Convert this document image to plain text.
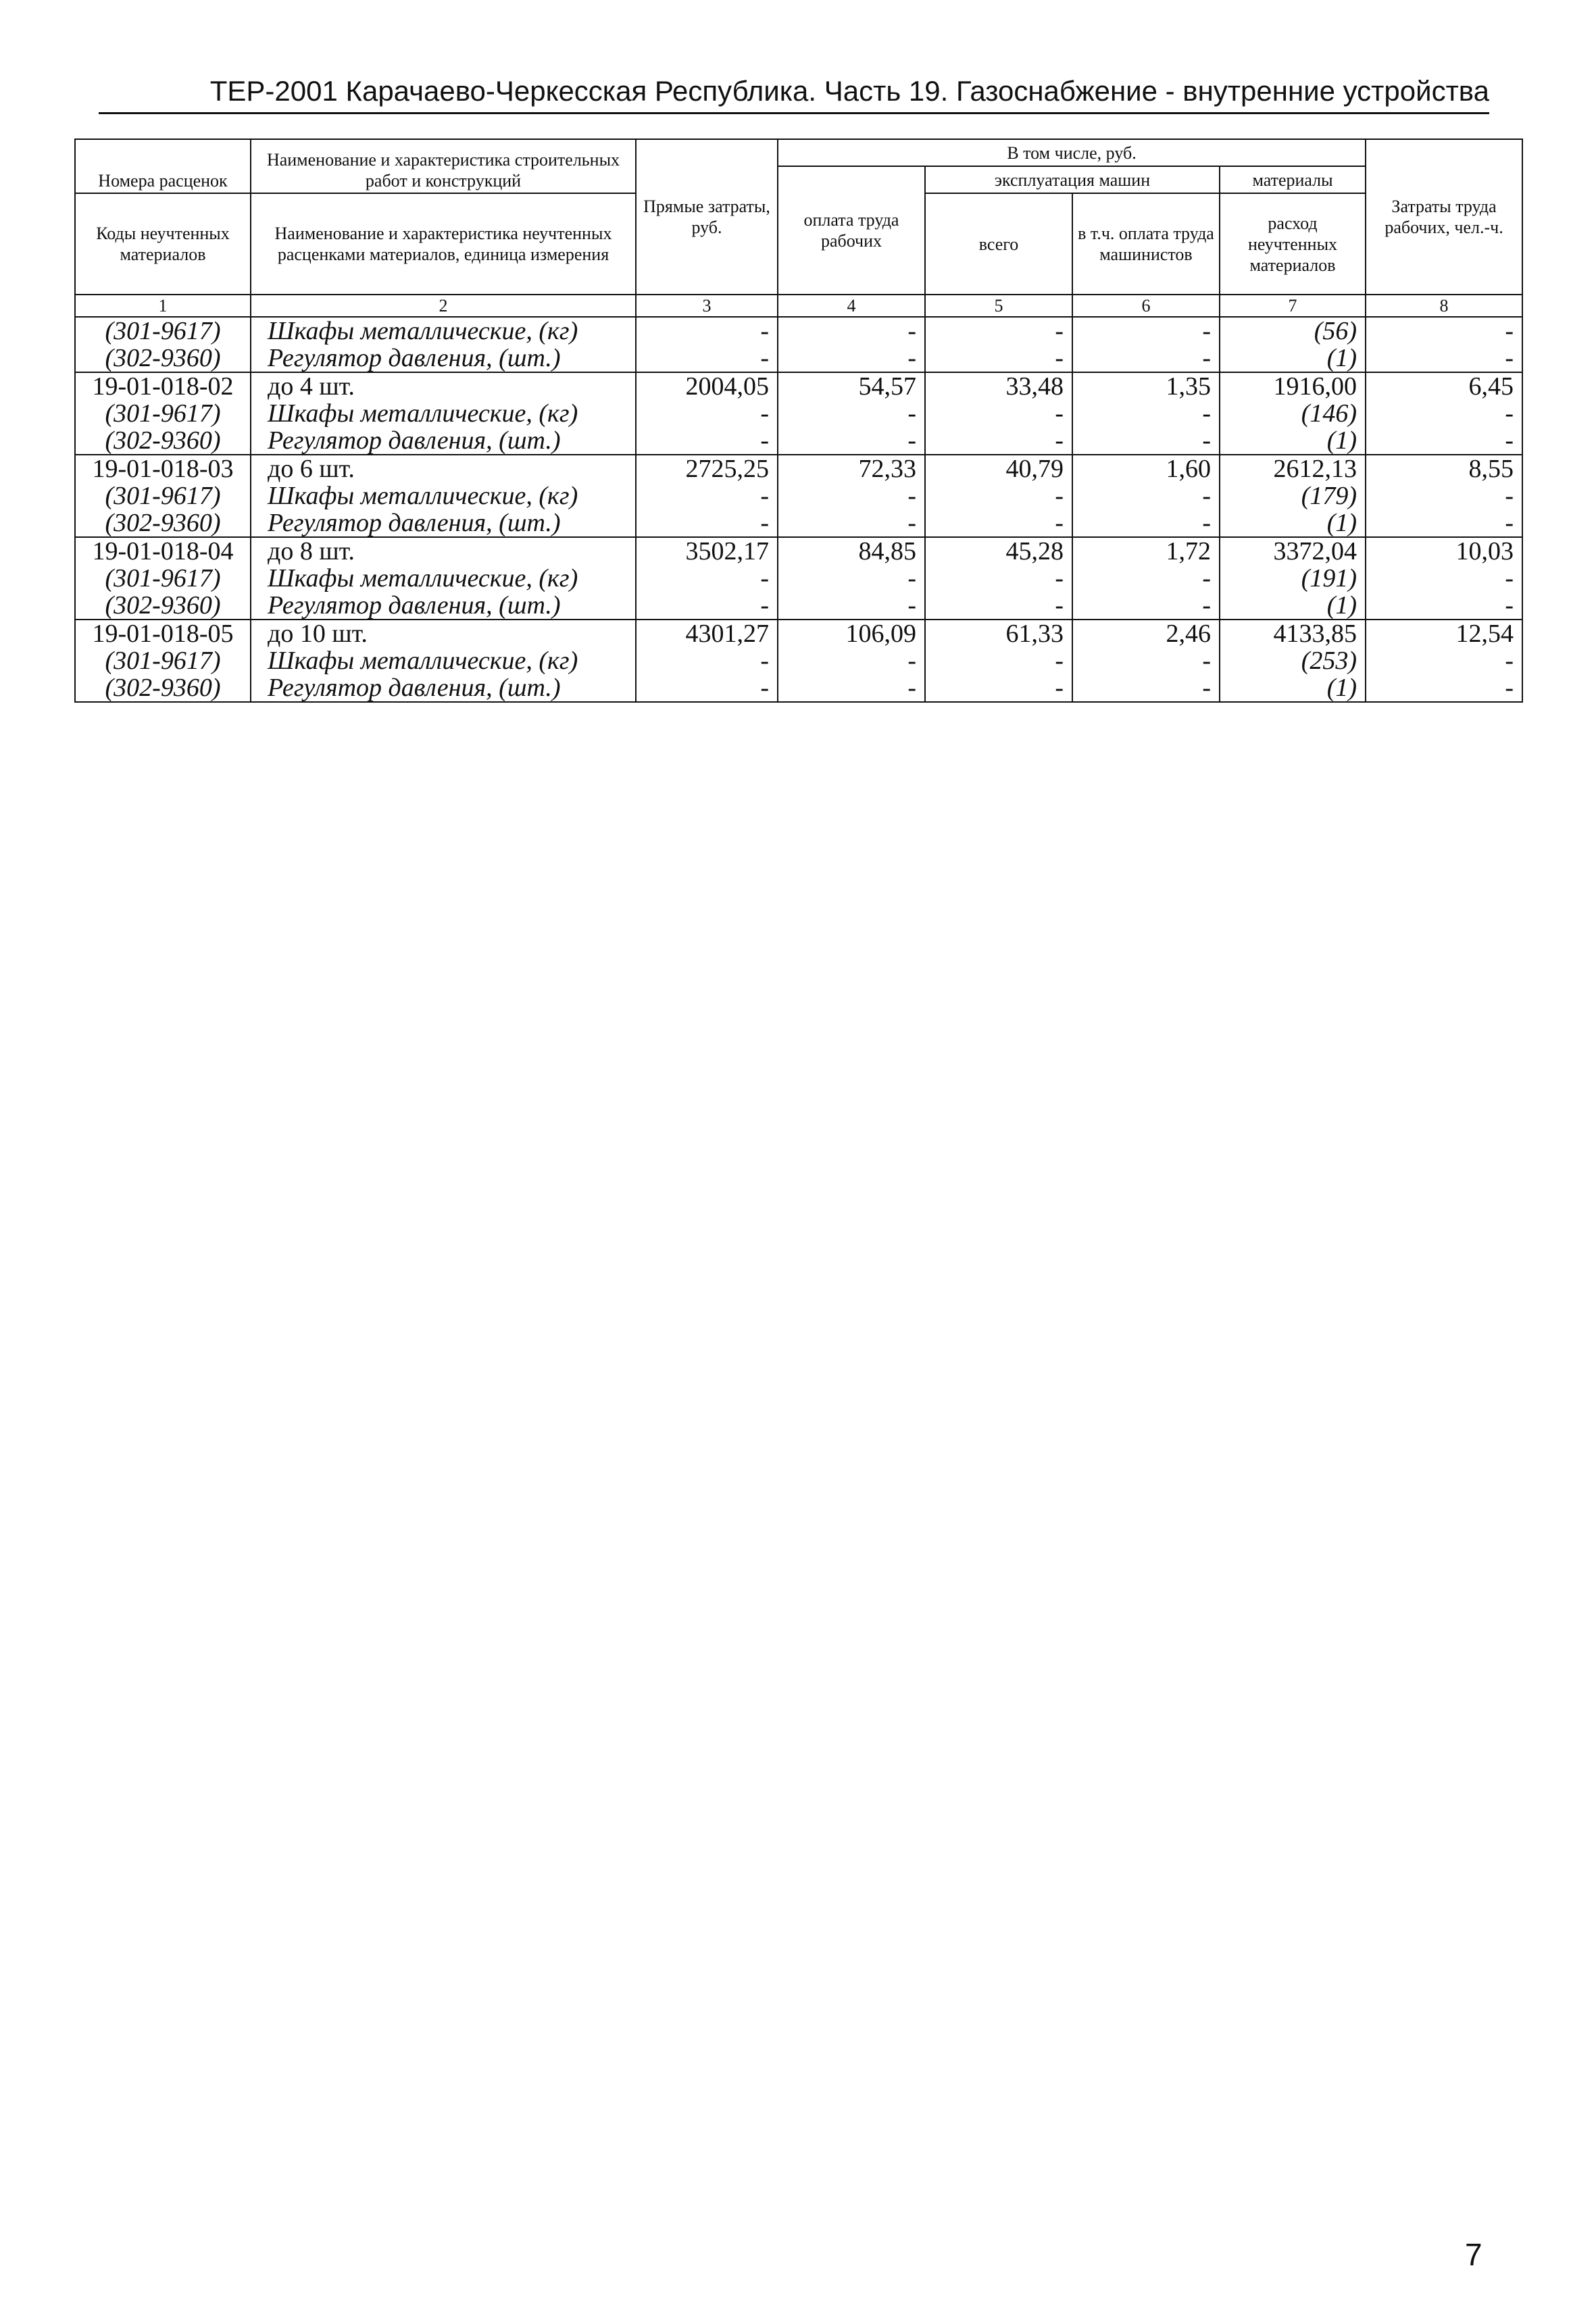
ТЕР-2001 Карачаево-Черкесская Республика. Часть 19. Газоснабжение - внутренние устройства
Номера расценок	Наименование и характеристика строительных работ и конструкций	Прямые затраты, руб.	В том числе, руб.				Затраты труда рабочих, чел.-ч.
			оплата труда рабочих	эксплуатация машин		материалы	
Коды неучтенных материалов	Наименование и характеристика неучтенных расценками материалов, единица измерения			всего	в т.ч. оплата труда машинистов	расход неучтенных материалов	

1	2	3	4	5	6	7	8
(301-9617)	Шкафы металлические, (кг)	-	-	-	-	(56)	-
(302-9360)	Регулятор давления, (шт.)	-	-	-	-	(1)	-
19-01-018-02	до 4 шт.	2004,05	54,57	33,48	1,35	1916,00	6,45
(301-9617)	Шкафы металлические, (кг)	-	-	-	-	(146)	-
(302-9360)	Регулятор давления, (шт.)	-	-	-	-	(1)	-
19-01-018-03	до 6 шт.	2725,25	72,33	40,79	1,60	2612,13	8,55
(301-9617)	Шкафы металлические, (кг)	-	-	-	-	(179)	-
(302-9360)	Регулятор давления, (шт.)	-	-	-	-	(1)	-
19-01-018-04	до 8 шт.	3502,17	84,85	45,28	1,72	3372,04	10,03
(301-9617)	Шкафы металлические, (кг)	-	-	-	-	(191)	-
(302-9360)	Регулятор давления, (шт.)	-	-	-	-	(1)	-
19-01-018-05	до 10 шт.	4301,27	106,09	61,33	2,46	4133,85	12,54
(301-9617)	Шкафы металлические, (кг)	-	-	-	-	(253)	-
(302-9360)	Регулятор давления, (шт.)	-	-	-	-	(1)	-
7
